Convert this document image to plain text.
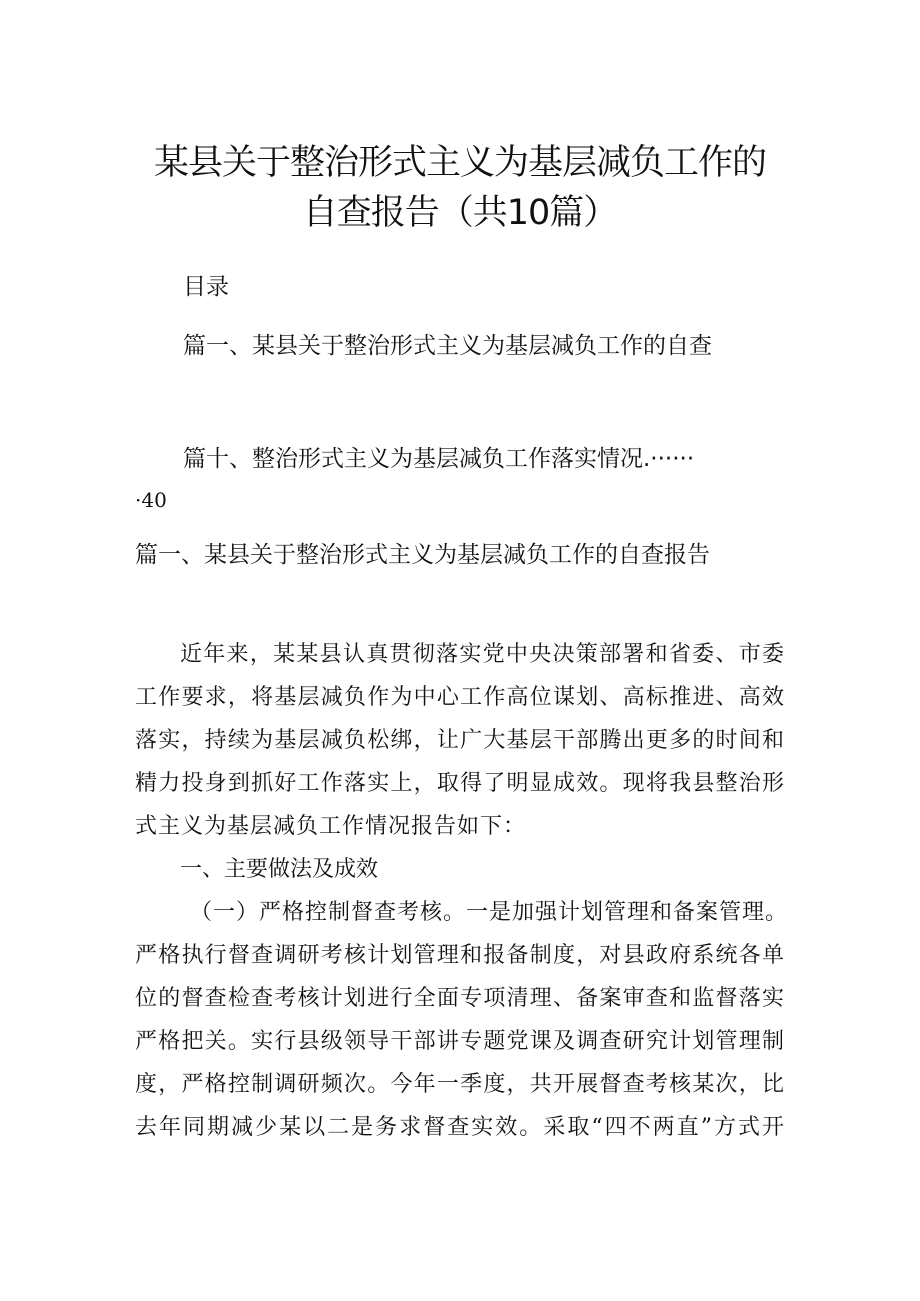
某县关于整治形式主义为基层减负工作的
自查报告（共10篇）
目录
篇一、某县关于整治形式主义为基层减负工作的自查
篇十、整治形式主义为基层减负工作落实情况.······
·40
篇一、某县关于整治形式主义为基层减负工作的自查报告
近年来，某某县认真贯彻落实党中央决策部署和省委、市委
工作要求，将基层减负作为中心工作高位谋划、高标推进、高效
落实，持续为基层减负松绑，让广大基层干部腾出更多的时间和
精力投身到抓好工作落实上，取得了明显成效。现将我县整治形
式主义为基层减负工作情况报告如下：
一、主要做法及成效
（一）严格控制督查考核。一是加强计划管理和备案管理。
严格执行督查调研考核计划管理和报备制度，对县政府系统各单
位的督查检查考核计划进行全面专项清理、备案审查和监督落实
严格把关。实行县级领导干部讲专题党课及调查研究计划管理制
度，严格控制调研频次。今年一季度，共开展督查考核某次，比
去年同期减少某以二是务求督查实效。采取“四不两直”方式开
